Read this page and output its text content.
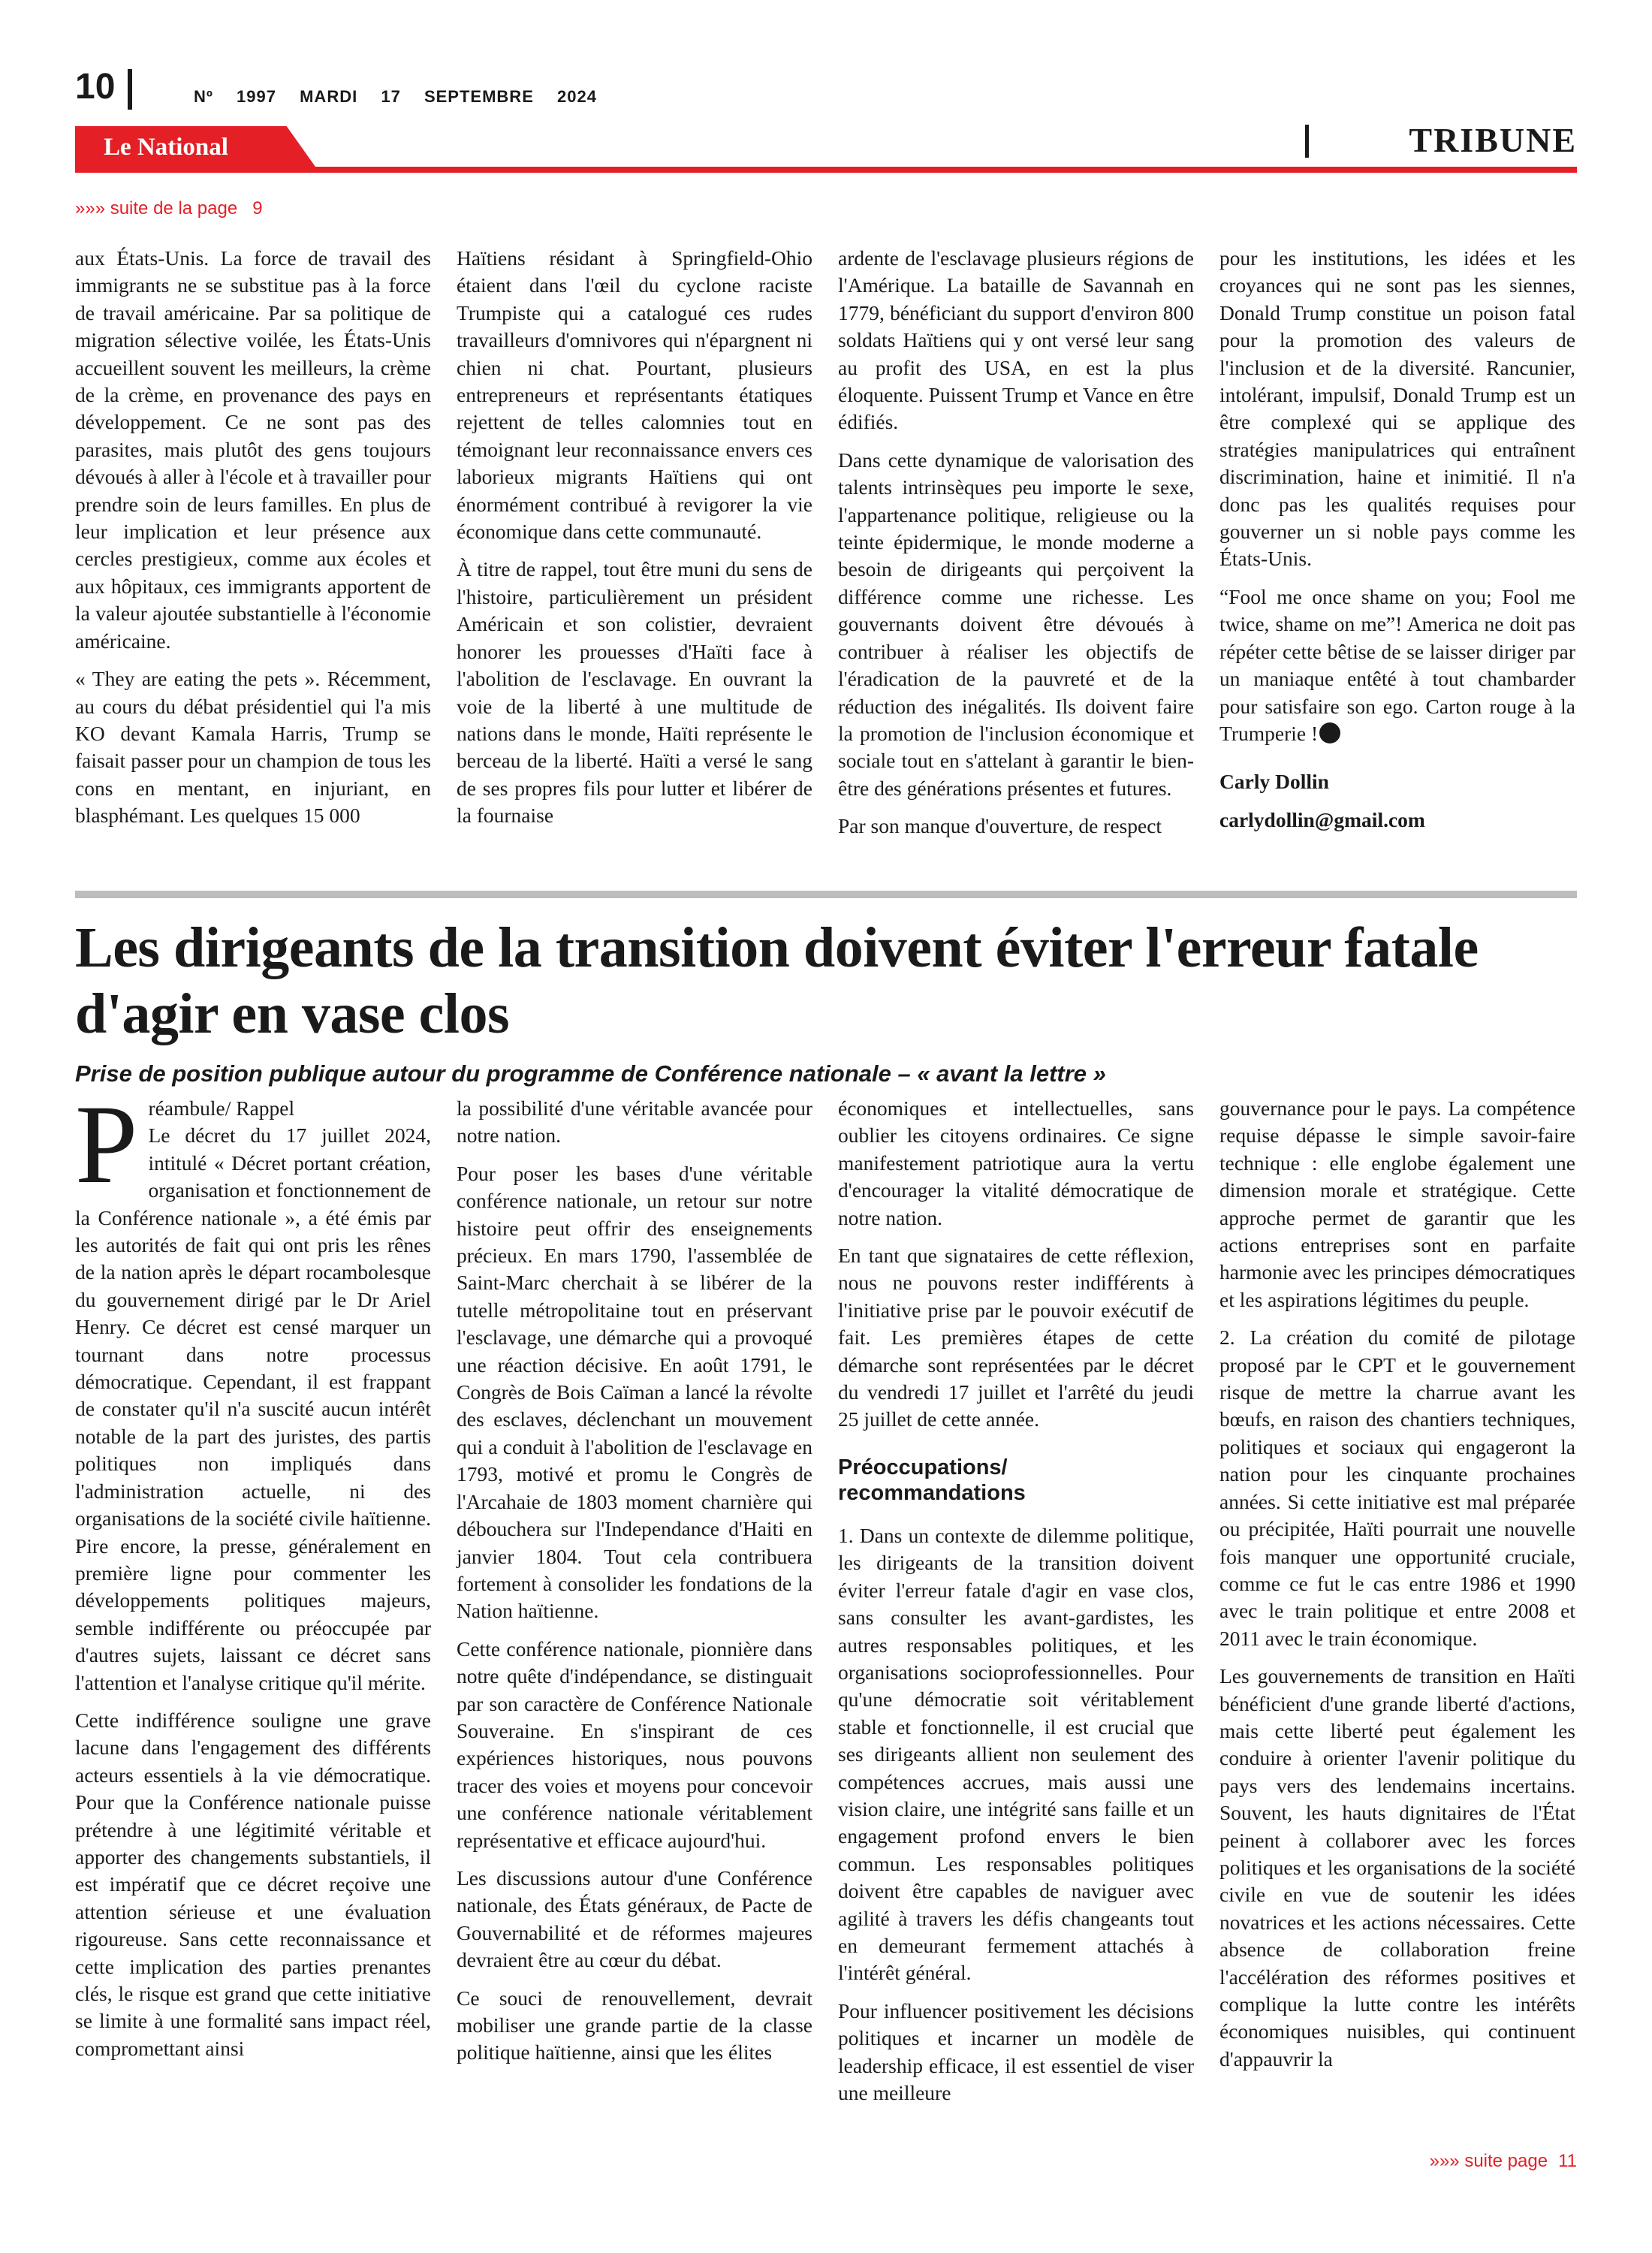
10	Nº 1997 MARDI 17 SEPTEMBRE 2024
Le National	TRIBUNE
»»» suite de la page 9

aux États-Unis. La force de travail des immigrants ne se substitue pas à la force de travail américaine. Par sa politique de migration sélective voilée, les États-Unis accueillent souvent les meilleurs, la crème de la crème, en provenance des pays en développement. Ce ne sont pas des parasites, mais plutôt des gens toujours dévoués à aller à l'école et à travailler pour prendre soin de leurs familles. En plus de leur implication et leur présence aux cercles prestigieux, comme aux écoles et aux hôpitaux, ces immigrants apportent de la valeur ajoutée substantielle à l'économie américaine.

« They are eating the pets ». Récemment, au cours du débat présidentiel qui l'a mis KO devant Kamala Harris, Trump se faisait passer pour un champion de tous les cons en mentant, en injuriant, en blasphémant. Les quelques 15 000

Haïtiens résidant à Springfield-Ohio étaient dans l'œil du cyclone raciste Trumpiste qui a catalogué ces rudes travailleurs d'omnivores qui n'épargnent ni chien ni chat. Pourtant, plusieurs entrepreneurs et représentants étatiques rejettent de telles calomnies tout en témoignant leur reconnaissance envers ces laborieux migrants Haïtiens qui ont énormément contribué à revigorer la vie économique dans cette communauté.

À titre de rappel, tout être muni du sens de l'histoire, particulièrement un président Américain et son colistier, devraient honorer les prouesses d'Haïti face à l'abolition de l'esclavage. En ouvrant la voie de la liberté à une multitude de nations dans le monde, Haïti représente le berceau de la liberté. Haïti a versé le sang de ses propres fils pour lutter et libérer de la fournaise

ardente de l'esclavage plusieurs régions de l'Amérique. La bataille de Savannah en 1779, bénéficiant du support d'environ 800 soldats Haïtiens qui y ont versé leur sang au profit des USA, en est la plus éloquente. Puissent Trump et Vance en être édifiés.

Dans cette dynamique de valorisation des talents intrinsèques peu importe le sexe, l'appartenance politique, religieuse ou la teinte épidermique, le monde moderne a besoin de dirigeants qui perçoivent la différence comme une richesse. Les gouvernants doivent être dévoués à contribuer à réaliser les objectifs de l'éradication de la pauvreté et de la réduction des inégalités. Ils doivent faire la promotion de l'inclusion économique et sociale tout en s'attelant à garantir le bien-être des générations présentes et futures.

Par son manque d'ouverture, de respect

pour les institutions, les idées et les croyances qui ne sont pas les siennes, Donald Trump constitue un poison fatal pour la promotion des valeurs de l'inclusion et de la diversité. Rancunier, intolérant, impulsif, Donald Trump est un être complexé qui se applique des stratégies manipulatrices qui entraînent discrimination, haine et inimitié. Il n'a donc pas les qualités requises pour gouverner un si noble pays comme les États-Unis.

“Fool me once shame on you; Fool me twice, shame on me”! America ne doit pas répéter cette bêtise de se laisser diriger par un maniaque entêté à tout chambarder pour satisfaire son ego. Carton rouge à la Trumperie !

Carly Dollin

carlydollin@gmail.com

Les dirigeants de la transition doivent éviter l'erreur fatale d'agir en vase clos
Prise de position publique autour du programme de Conférence nationale – « avant la lettre »

Préambule/ Rappel
Le décret du 17 juillet 2024, intitulé « Décret portant création, organisation et fonctionnement de la Conférence nationale », a été émis par les autorités de fait qui ont pris les rênes de la nation après le départ rocambolesque du gouvernement dirigé par le Dr Ariel Henry. Ce décret est censé marquer un tournant dans notre processus démocratique. Cependant, il est frappant de constater qu'il n'a suscité aucun intérêt notable de la part des juristes, des partis politiques non impliqués dans l'administration actuelle, ni des organisations de la société civile haïtienne. Pire encore, la presse, généralement en première ligne pour commenter les développements politiques majeurs, semble indifférente ou préoccupée par d'autres sujets, laissant ce décret sans l'attention et l'analyse critique qu'il mérite.

Cette indifférence souligne une grave lacune dans l'engagement des différents acteurs essentiels à la vie démocratique. Pour que la Conférence nationale puisse prétendre à une légitimité véritable et apporter des changements substantiels, il est impératif que ce décret reçoive une attention sérieuse et une évaluation rigoureuse. Sans cette reconnaissance et cette implication des parties prenantes clés, le risque est grand que cette initiative se limite à une formalité sans impact réel, compromettant ainsi

la possibilité d'une véritable avancée pour notre nation.

Pour poser les bases d'une véritable conférence nationale, un retour sur notre histoire peut offrir des enseignements précieux. En mars 1790, l'assemblée de Saint-Marc cherchait à se libérer de la tutelle métropolitaine tout en préservant l'esclavage, une démarche qui a provoqué une réaction décisive. En août 1791, le Congrès de Bois Caïman a lancé la révolte des esclaves, déclenchant un mouvement qui a conduit à l'abolition de l'esclavage en 1793, motivé et promu le Congrès de l'Arcahaie de 1803 moment charnière qui débouchera sur l'Independance d'Haiti en janvier 1804. Tout cela contribuera fortement à consolider les fondations de la Nation haïtienne.

Cette conférence nationale, pionnière dans notre quête d'indépendance, se distinguait par son caractère de Conférence Nationale Souveraine. En s'inspirant de ces expériences historiques, nous pouvons tracer des voies et moyens pour concevoir une conférence nationale véritablement représentative et efficace aujourd'hui.

Les discussions autour d'une Conférence nationale, des États généraux, de Pacte de Gouvernabilité et de réformes majeures devraient être au cœur du débat.

Ce souci de renouvellement, devrait mobiliser une grande partie de la classe politique haïtienne, ainsi que les élites

économiques et intellectuelles, sans oublier les citoyens ordinaires. Ce signe manifestement patriotique aura la vertu d'encourager la vitalité démocratique de notre nation.

En tant que signataires de cette réflexion, nous ne pouvons rester indifférents à l'initiative prise par le pouvoir exécutif de fait. Les premières étapes de cette démarche sont représentées par le décret du vendredi 17 juillet et l'arrêté du jeudi 25 juillet de cette année.

Préoccupations/ recommandations

1. Dans un contexte de dilemme politique, les dirigeants de la transition doivent éviter l'erreur fatale d'agir en vase clos, sans consulter les avant-gardistes, les autres responsables politiques, et les organisations socioprofessionnelles. Pour qu'une démocratie soit véritablement stable et fonctionnelle, il est crucial que ses dirigeants allient non seulement des compétences accrues, mais aussi une vision claire, une intégrité sans faille et un engagement profond envers le bien commun. Les responsables politiques doivent être capables de naviguer avec agilité à travers les défis changeants tout en demeurant fermement attachés à l'intérêt général.

Pour influencer positivement les décisions politiques et incarner un modèle de leadership efficace, il est essentiel de viser une meilleure

gouvernance pour le pays. La compétence requise dépasse le simple savoir-faire technique : elle englobe également une dimension morale et stratégique. Cette approche permet de garantir que les actions entreprises sont en parfaite harmonie avec les principes démocratiques et les aspirations légitimes du peuple.

2. La création du comité de pilotage proposé par le CPT et le gouvernement risque de mettre la charrue avant les bœufs, en raison des chantiers techniques, politiques et sociaux qui engageront la nation pour les cinquante prochaines années. Si cette initiative est mal préparée ou précipitée, Haïti pourrait une nouvelle fois manquer une opportunité cruciale, comme ce fut le cas entre 1986 et 1990 avec le train politique et entre 2008 et 2011 avec le train économique.

Les gouvernements de transition en Haïti bénéficient d'une grande liberté d'actions, mais cette liberté peut également les conduire à orienter l'avenir politique du pays vers des lendemains incertains. Souvent, les hauts dignitaires de l'État peinent à collaborer avec les forces politiques et les organisations de la société civile en vue de soutenir les idées novatrices et les actions nécessaires. Cette absence de collaboration freine l'accélération des réformes positives et complique la lutte contre les intérêts économiques nuisibles, qui continuent d'appauvrir la

»»» suite page 11
